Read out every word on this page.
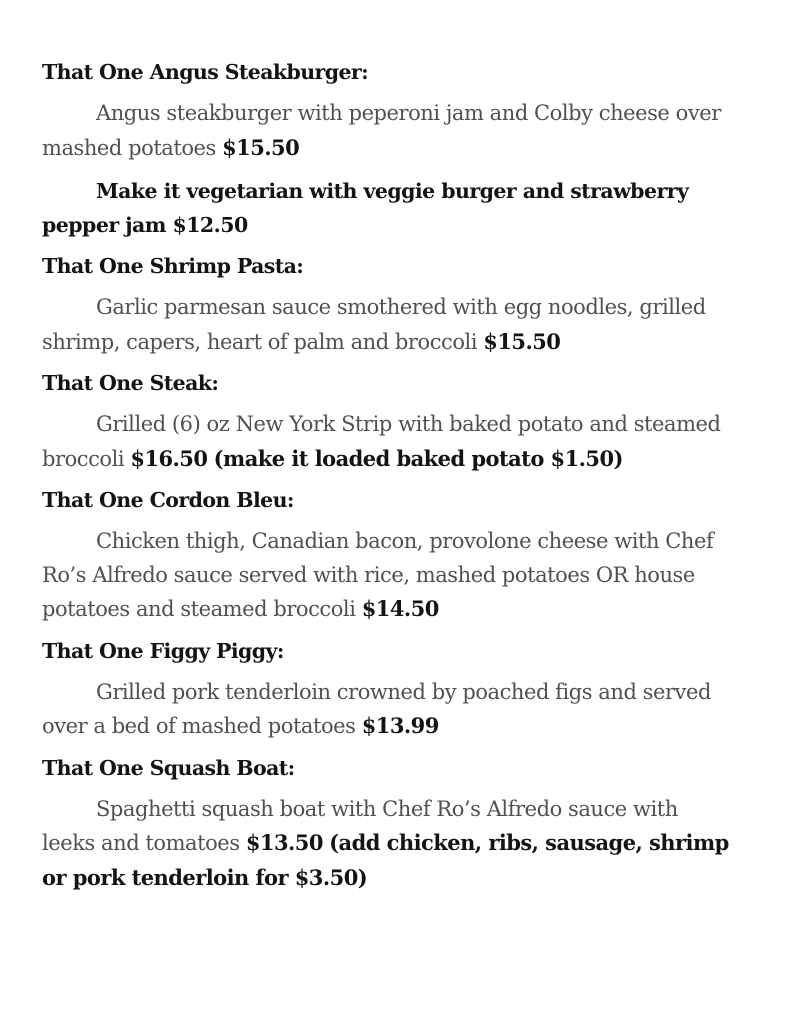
That One Angus Steakburger:

Angus steakburger with peperoni jam and Colby cheese over mashed potatoes $15.50

Make it vegetarian with veggie burger and strawberry pepper jam $12.50

That One Shrimp Pasta:

Garlic parmesan sauce smothered with egg noodles, grilled shrimp, capers, heart of palm and broccoli $15.50

That One Steak:

Grilled (6) oz New York Strip with baked potato and steamed broccoli $16.50 (make it loaded baked potato $1.50)

That One Cordon Bleu:

Chicken thigh, Canadian bacon, provolone cheese with Chef Ro’s Alfredo sauce served with rice, mashed potatoes OR house potatoes and steamed broccoli $14.50

That One Figgy Piggy:

Grilled pork tenderloin crowned by poached figs and served over a bed of mashed potatoes $13.99

That One Squash Boat:

Spaghetti squash boat with Chef Ro’s Alfredo sauce with leeks and tomatoes $13.50 (add chicken, ribs, sausage, shrimp or pork tenderloin for $3.50)
